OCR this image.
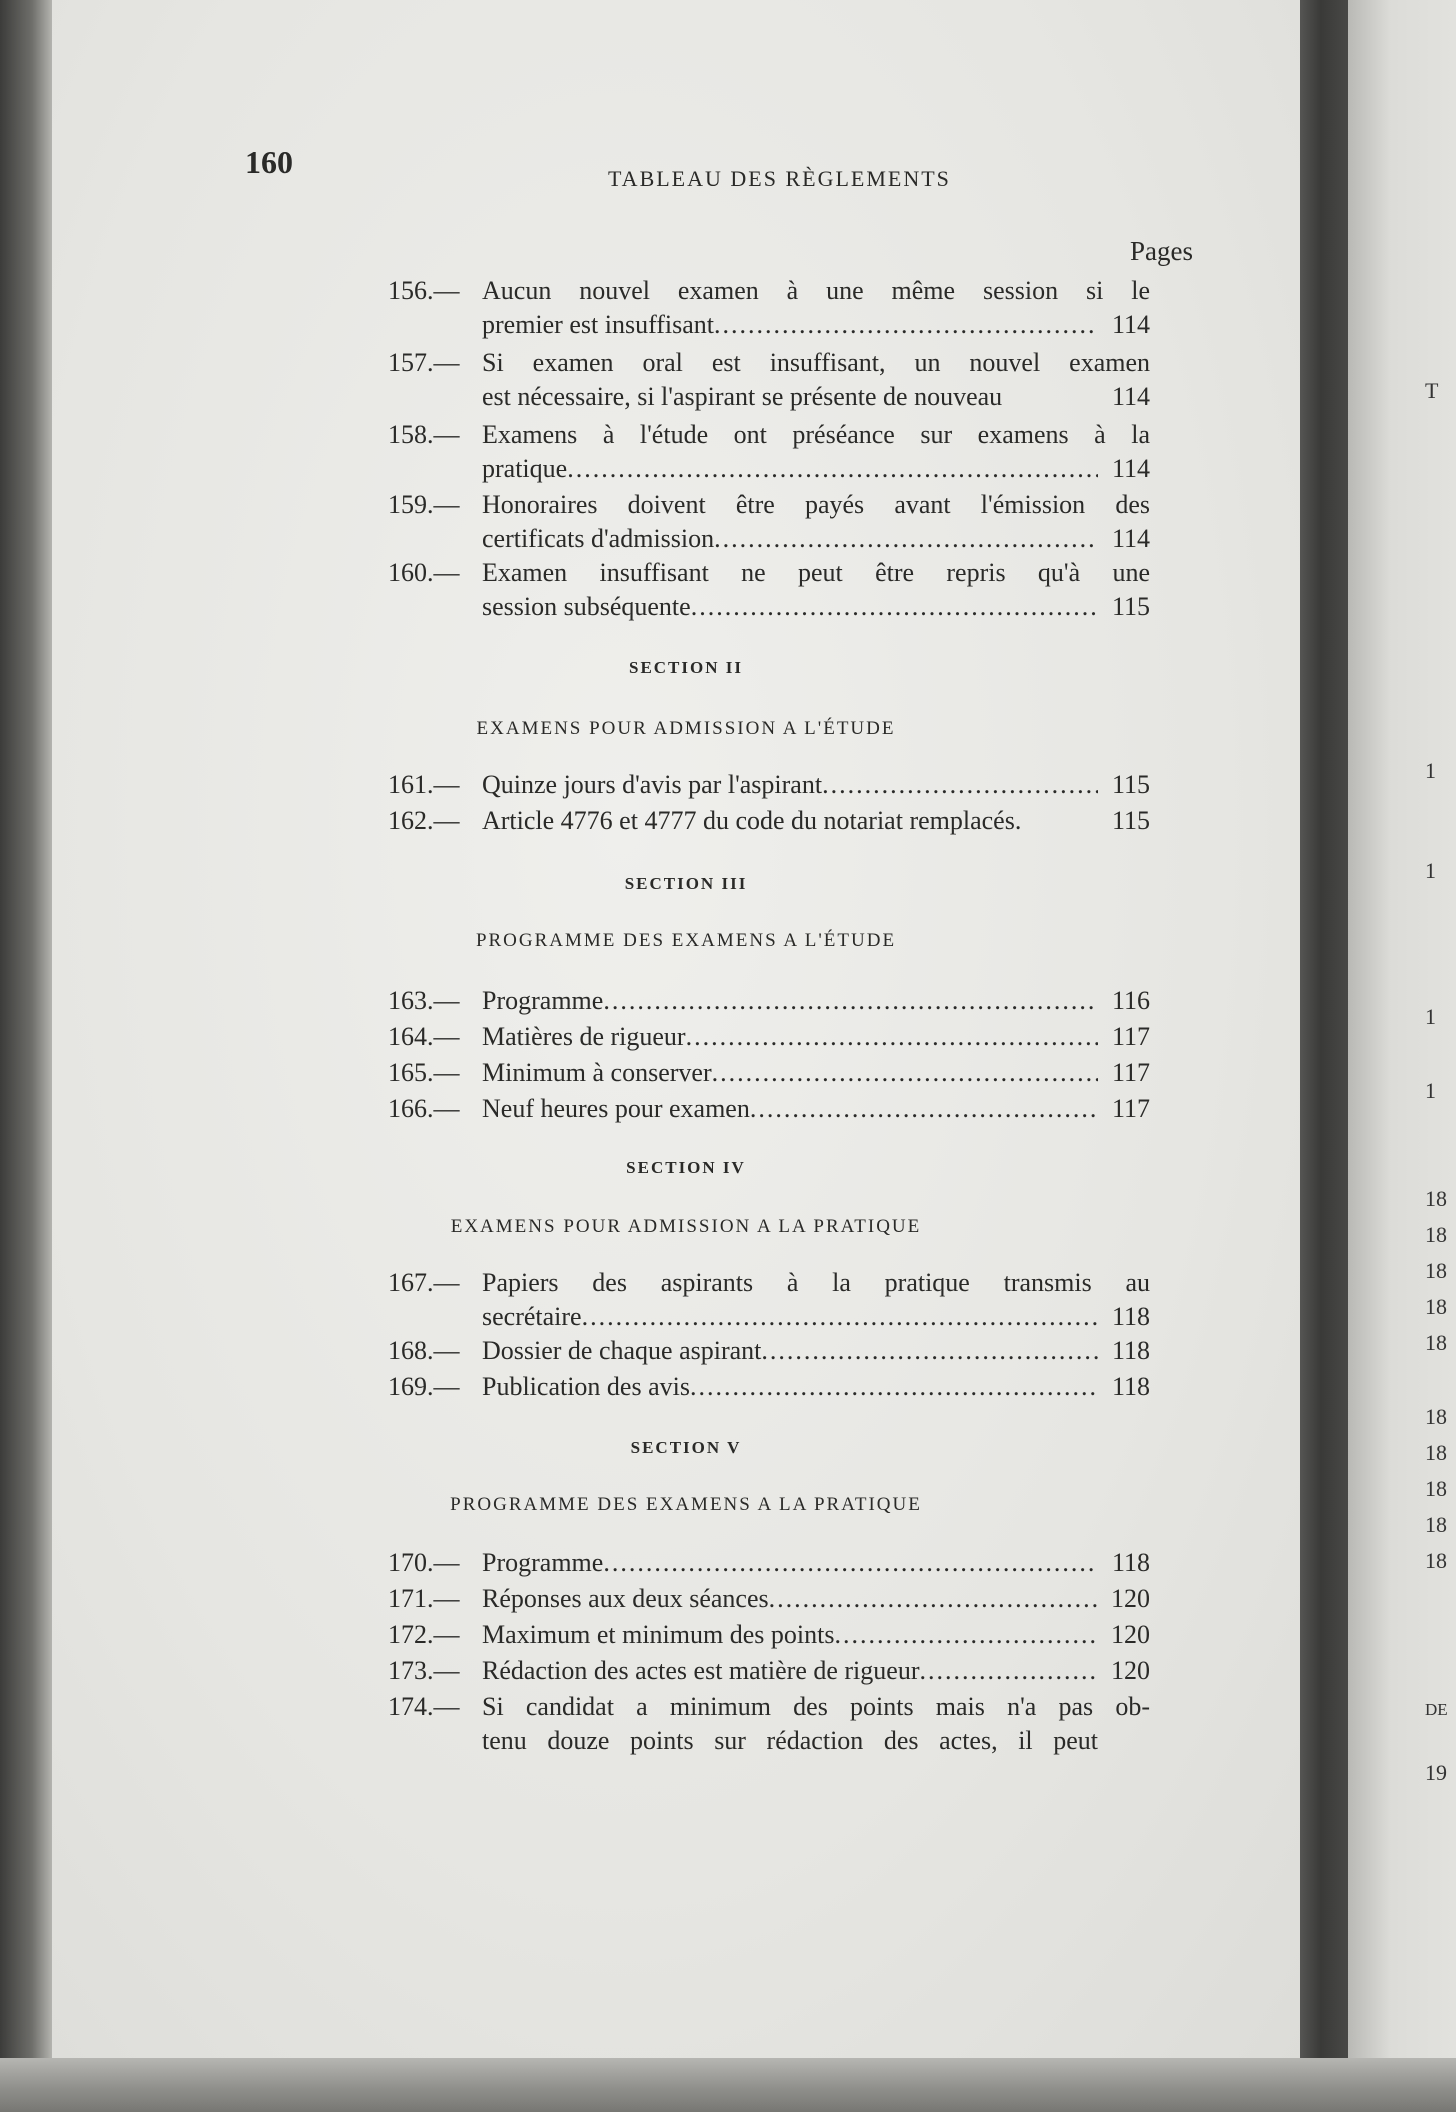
160	TABLEAU DES RÈGLEMENTS
Pages
156.— Aucun nouvel examen à une même session si le
premier est insuffisant .....	114
157.— Si examen oral est insuffisant, un nouvel examen
est nécessaire, si l'aspirant se présente de nouveau	114
158.— Examens à l'étude ont préséance sur examens à la
pratique .....	114
159.— Honoraires doivent être payés avant l'émission des
certificats d'admission .....	114
160.— Examen insuffisant ne peut être repris qu'à une
session subséquente .....	115
SECTION II
EXAMENS POUR ADMISSION A L'ÉTUDE
161.— Quinze jours d'avis par l'aspirant .....	115
162.— Article 4776 et 4777 du code du notariat remplacés.	115
SECTION III
PROGRAMME DES EXAMENS A L'ÉTUDE
163.— Programme .....	116
164.— Matières de rigueur .....	117
165.— Minimum à conserver .....	117
166.— Neuf heures pour examen .....	117
SECTION IV
EXAMENS POUR ADMISSION A LA PRATIQUE
167.— Papiers des aspirants à la pratique transmis au
secrétaire .....	118
168.— Dossier de chaque aspirant .....	118
169.— Publication des avis .....	118
SECTION V
PROGRAMME DES EXAMENS A LA PRATIQUE
170.— Programme .....	118
171.— Réponses aux deux séances .....	120
172.— Maximum et minimum des points .....	120
173.— Rédaction des actes est matière de rigueur .....	120
174.— Si candidat a minimum des points mais n'a pas ob-
tenu douze points sur rédaction des actes, il peut
T
1
1
1
1
18
18
18
18
18
18
18
18
18
18
DE
19
